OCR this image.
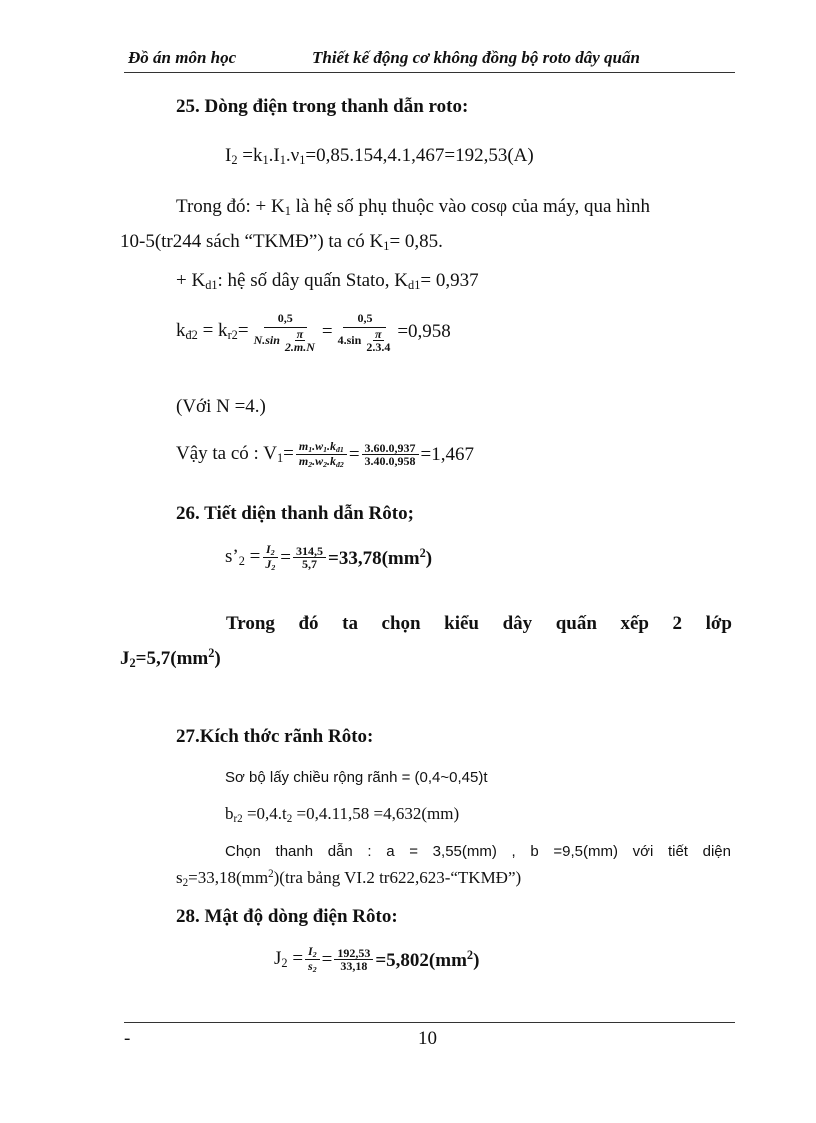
Đồ án môn học	Thiết kế động cơ không đồng bộ roto dây quấn
25. Dòng điện trong thanh dẫn roto:
$I_2 =k_1.I_1.\nu_1=0,85.154,4.1,467=192,53(A)$
Trong đó: + $K_1$ là hệ số phụ thuộc vào cosφ của máy, qua hình
10-5(tr244 sách “TKMĐ”) ta có $K_1= 0,85$.
+ $K_{d1}$: hệ số dây quấn Stato, $K_{d1}= 0,937$
$k_{đ2} = k_{r2}= \frac{0,5}{N.\sin \frac{\pi}{2.m.N}} = \frac{0,5}{4.\sin \frac{\pi}{2.3.4}} =0,958$
(Với N =4.)
Vậy ta có : $V_1= \frac{m_1.w_1.k_{đ1}}{m_2.w_2.k_{đ2}} = \frac{3.60.0,937}{3.40.0,958} =1,467$
26. Tiết diện thanh dẫn Rôto;
$s’_2 = \frac{I_2}{J_2} = \frac{314,5}{5,7} =33,78(mm^2)$
Trong đó ta chọn kiểu dây quấn xếp 2 lớp
$J_2=5,7(mm^2)$
27.Kích thớc rãnh Rôto:
Sơ bộ lấy chiều rộng rãnh = (0,4~0,45)t
$b_{r2} =0,4.t_2 =0,4.11,58 =4,632(mm)$
Chọn thanh dẫn : a = 3,55(mm) , b =9,5(mm) với tiết diện
$s_2=33,18(mm^2)(tra$ bảng VI.2 tr622,623-“TKMĐ”)
28. Mật độ dòng điện Rôto:
$J_2 = \frac{I_2}{s_2} = \frac{192,53}{33,18} =5,802(mm^2)$
-	10
